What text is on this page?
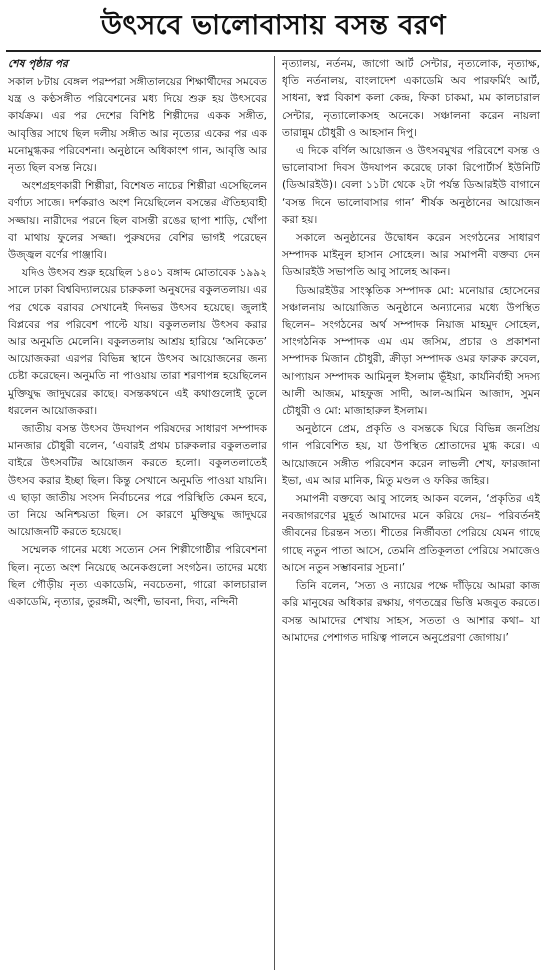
উৎসবে ভালোবাসায় বসন্ত বরণ
শেষ পৃষ্ঠার পর

সকাল ৮টায় বেঙ্গল পরম্পরা সঙ্গীতালয়ের শিক্ষার্থীদের সমবেত যন্ত্র ও কণ্ঠসঙ্গীত পরিবেশনের মধ্য দিয়ে শুরু হয় উৎসবের কার্যক্রম। এর পর দেশের বিশিষ্ট শিল্পীদের একক সঙ্গীত, আবৃত্তির সাথে ছিল দলীয় সঙ্গীত আর নৃত্যের একের পর এক মনোমুগ্ধকর পরিবেশনা। অনুষ্ঠানে অধিকাংশ গান, আবৃত্তি আর নৃত্য ছিল বসন্ত নিয়ে।

অংশগ্রহণকারী শিল্পীরা, বিশেষত নাচের শিল্পীরা এসেছিলেন বর্ণাঢ্য সাজে। দর্শকরাও অংশ নিয়েছিলেন বসন্তের ঐতিহ্যবাহী সজ্জায়। নারীদের পরনে ছিল বাসন্তী রঙের ছাপা শাড়ি, খোঁপা বা মাথায় ফুলের সজ্জা। পুরুষদের বেশির ভাগই পরেছেন উজ্জ্বল বর্ণের পাঞ্জাবি।

যদিও উৎসব শুরু হয়েছিল ১৪০১ বঙ্গাব্দ মোতাবেক ১৯৯২ সালে ঢাকা বিশ্ববিদ্যালয়ের চারুকলা অনুষদের বকুলতলায়। এর পর থেকে বরাবর সেখানেই দিনভর উৎসব হয়েছে। জুলাই বিপ্লবের পর পরিবেশ পাল্টে যায়। বকুলতলায় উৎসব করার আর অনুমতি মেলেনি। বকুলতলায় আশ্রয় হারিয়ে ‘অনিকেত’ আয়োজকরা এরপর বিভিন্ন স্থানে উৎসব আয়োজনের জন্য চেষ্টা করেছেন। অনুমতি না পাওয়ায় তারা শরণাপন্ন হয়েছিলেন মুক্তিযুদ্ধ জাদুঘরের কাছে। বসন্তকথনে এই কথাগুলোই তুলে ধরলেন আয়োজকরা।

জাতীয় বসন্ত উৎসব উদযাপন পরিষদের সাধারণ সম্পাদক মানজার চৌধুরী বলেন, ‘এবারই প্রথম চারুকলার বকুলতলার বাইরে উৎসবটির আয়োজন করতে হলো। বকুলতলাতেই উৎসব করার ইচ্ছা ছিল। কিন্তু সেখানে অনুমতি পাওয়া যায়নি। এ ছাড়া জাতীয় সংসদ নির্বাচনের পরে পরিস্থিতি কেমন হবে, তা নিয়ে অনিশ্চয়তা ছিল। সে কারণে মুক্তিযুদ্ধ জাদুঘরে আয়োজনটি করতে হয়েছে।

সম্মেলক গানের মধ্যে সত্যেন সেন শিল্পীগোষ্ঠীর পরিবেশনা ছিল। নৃত্যে অংশ নিয়েছে অনেকগুলো সংগঠন। তাদের মধ্যে ছিল গৌড়ীয় নৃত্য একাডেমি, নবচেতনা, গারো কালচারাল একাডেমি, নৃত্যার, তুরঙ্গমী, অংশী, ভাবনা, দিব্য, নন্দিনী

নৃত্যালয়, নর্তনম, জাগো আর্ট সেন্টার, নৃত্যলোক, নৃত্যাক্ষ, ধৃতি নর্তনালয়, বাংলাদেশ একাডেমি অব পারফর্মিং আর্ট, সাধনা, স্বপ্ন বিকাশ কলা কেন্দ্র, ফিকা চাকমা, মম কালচারাল সেন্টার, নৃত্যালোকসহ অনেকে। সঞ্চালনা করেন নায়লা তারান্নুম চৌধুরী ও আহসান দিপু।

এ দিকে বর্ণিল আয়োজন ও উৎসবমুখর পরিবেশে বসন্ত ও ভালোবাসা দিবস উদযাপন করেছে ঢাকা রিপোর্টার্স ইউনিটি (ডিআরইউ)। বেলা ১১টা থেকে ২টা পর্যন্ত ডিআরইউ বাগানে ‘বসন্ত দিনে ভালোবাসার গান’ শীর্ষক অনুষ্ঠানের আয়োজন করা হয়।

সকালে অনুষ্ঠানের উদ্বোধন করেন সংগঠনের সাধারণ সম্পাদক মাইনুল হাসান সোহেল। আর সমাপনী বক্তব্য দেন ডিআরইউ সভাপতি আবু সালেহ আকন।

ডিআরইউর সাংস্কৃতিক সম্পাদক মো: মনোয়ার হোসেনের সঞ্চালনায় আয়োজিত অনুষ্ঠানে অন্যান্যের মধ্যে উপস্থিত ছিলেন– সংগঠনের অর্থ সম্পাদক নিয়াজ মাহমুদ সোহেল, সাংগঠনিক সম্পাদক এম এম জসিম, প্রচার ও প্রকাশনা সম্পাদক মিজান চৌধুরী, ক্রীড়া সম্পাদক ওমর ফারুক রুবেল, আপ্যায়ন সম্পাদক আমিনুল ইসলাম ভূঁইয়া, কার্যনির্বাহী সদস্য আলী আজম, মাহফুজ সাদী, আল-আমিন আজাদ, সুমন চৌধুরী ও মো: মাজাহারুল ইসলাম।

অনুষ্ঠানে প্রেম, প্রকৃতি ও বসন্তকে ঘিরে বিভিন্ন জনপ্রিয় গান পরিবেশিত হয়, যা উপস্থিত শ্রোতাদের মুগ্ধ করে। এ আয়োজনে সঙ্গীত পরিবেশন করেন লাভলী শেখ, ফারজানা ইভা, এম আর মানিক, মিতু মণ্ডল ও ফকির জহির।

সমাপনী বক্তব্যে আবু সালেহ আকন বলেন, ‘প্রকৃতির এই নবজাগরণের মুহূর্ত আমাদের মনে করিয়ে দেয়– পরিবর্তনই জীবনের চিরন্তন সত্য। শীতের নির্জীবতা পেরিয়ে যেমন গাছে গাছে নতুন পাতা আসে, তেমনি প্রতিকূলতা পেরিয়ে সমাজেও আসে নতুন সম্ভাবনার সূচনা।’

তিনি বলেন, ‘সত্য ও ন্যায়ের পক্ষে দাঁড়িয়ে আমরা কাজ করি মানুষের অধিকার রক্ষায়, গণতন্ত্রের ভিত্তি মজবুত করতে। বসন্ত আমাদের শেখায় সাহস, সততা ও আশার কথা– যা আমাদের পেশাগত দায়িত্ব পালনে অনুপ্রেরণা জোগায়।’
